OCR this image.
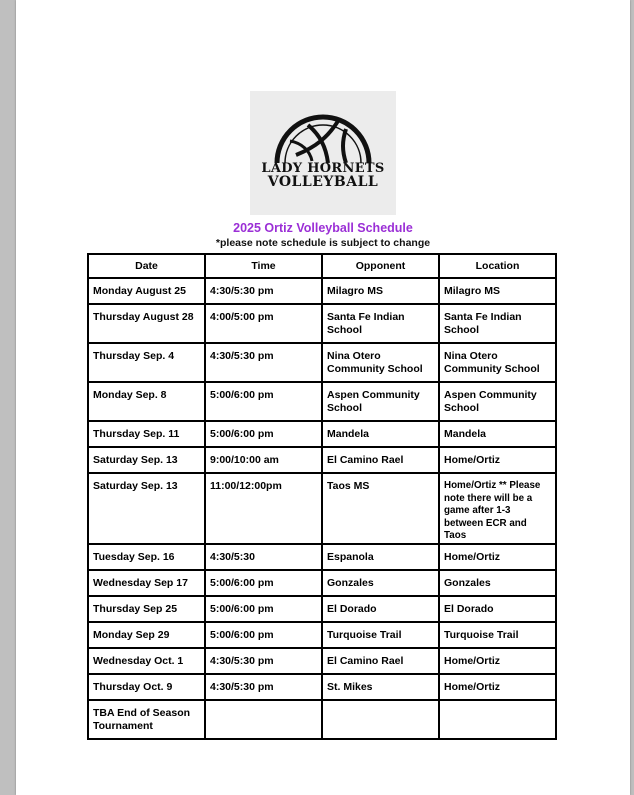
LADY HORNETS
VOLLEYBALL
2025 Ortiz Volleyball Schedule
*please note schedule is subject to change
Date	Time	Opponent	Location
Monday August 25	4:30/5:30 pm	Milagro MS	Milagro MS
Thursday August 28	4:00/5:00 pm	Santa Fe Indian School	Santa Fe Indian School
Thursday Sep. 4	4:30/5:30 pm	Nina Otero Community School	Nina Otero Community School
Monday Sep. 8	5:00/6:00 pm	Aspen Community School	Aspen Community School
Thursday Sep. 11	5:00/6:00 pm	Mandela	Mandela
Saturday Sep. 13	9:00/10:00 am	El Camino Rael	Home/Ortiz
Saturday Sep. 13	11:00/12:00pm	Taos MS	Home/Ortiz ** Please note there will be a game after 1-3 between ECR and Taos
Tuesday Sep. 16	4:30/5:30	Espanola	Home/Ortiz
Wednesday Sep 17	5:00/6:00 pm	Gonzales	Gonzales
Thursday Sep 25	5:00/6:00 pm	El Dorado	El Dorado
Monday Sep 29	5:00/6:00 pm	Turquoise Trail	Turquoise Trail
Wednesday Oct. 1	4:30/5:30 pm	El Camino Rael	Home/Ortiz
Thursday Oct. 9	4:30/5:30 pm	St. Mikes	Home/Ortiz
TBA End of Season Tournament			
